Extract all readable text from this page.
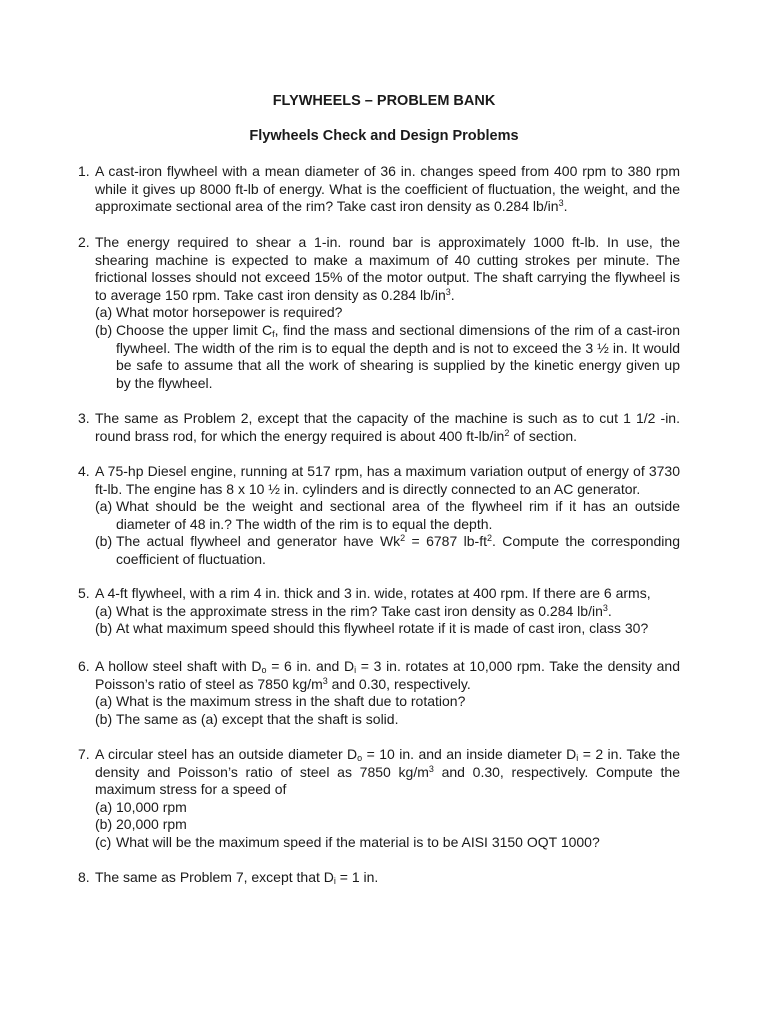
FLYWHEELS – PROBLEM BANK
Flywheels Check and Design Problems
1. A cast-iron flywheel with a mean diameter of 36 in. changes speed from 400 rpm to 380 rpm while it gives up 8000 ft-lb of energy. What is the coefficient of fluctuation, the weight, and the approximate sectional area of the rim? Take cast iron density as 0.284 $lb/in^3$.
2. The energy required to shear a 1-in. round bar is approximately 1000 ft-lb. In use, the shearing machine is expected to make a maximum of 40 cutting strokes per minute. The frictional losses should not exceed 15% of the motor output. The shaft carrying the flywheel is to average 150 rpm. Take cast iron density as 0.284 $lb/in^3$.
(a) What motor horsepower is required?
(b) Choose the upper limit $C_f$, find the mass and sectional dimensions of the rim of a cast-iron flywheel. The width of the rim is to equal the depth and is not to exceed the 3 ½ in. It would be safe to assume that all the work of shearing is supplied by the kinetic energy given up by the flywheel.
3. The same as Problem 2, except that the capacity of the machine is such as to cut 1 1/2 -in. round brass rod, for which the energy required is about 400 $ft-lb/in^2$ of section.
4. A 75-hp Diesel engine, running at 517 rpm, has a maximum variation output of energy of 3730 ft-lb. The engine has 8 x 10 ½ in. cylinders and is directly connected to an AC generator.
(a) What should be the weight and sectional area of the flywheel rim if it has an outside diameter of 48 in.? The width of the rim is to equal the depth.
(b) The actual flywheel and generator have $Wk^2 = 6787$ $lb-ft^2$. Compute the corresponding coefficient of fluctuation.
5. A 4-ft flywheel, with a rim 4 in. thick and 3 in. wide, rotates at 400 rpm. If there are 6 arms,
(a) What is the approximate stress in the rim? Take cast iron density as 0.284 $lb/in^3$.
(b) At what maximum speed should this flywheel rotate if it is made of cast iron, class 30?
6. A hollow steel shaft with $D_o = 6$ in. and $D_i = 3$ in. rotates at 10,000 rpm. Take the density and Poisson’s ratio of steel as 7850 $kg/m^3$ and 0.30, respectively.
(a) What is the maximum stress in the shaft due to rotation?
(b) The same as (a) except that the shaft is solid.
7. A circular steel has an outside diameter $D_o = 10$ in. and an inside diameter $D_i = 2$ in. Take the density and Poisson’s ratio of steel as 7850 $kg/m^3$ and 0.30, respectively. Compute the maximum stress for a speed of
(a) 10,000 rpm
(b) 20,000 rpm
(c) What will be the maximum speed if the material is to be AISI 3150 OQT 1000?
8. The same as Problem 7, except that $D_i = 1$ in.
